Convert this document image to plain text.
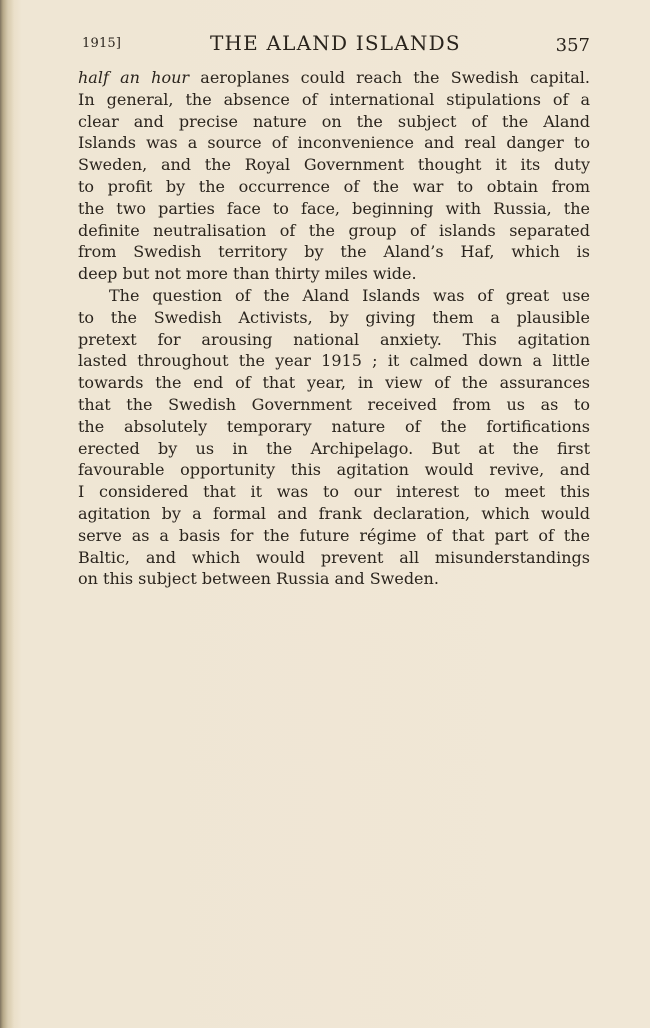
1915]	THE ALAND ISLANDS	357
half an hour aeroplanes could reach the Swedish capital.
In general, the absence of international stipulations of a
clear and precise nature on the subject of the Aland
Islands was a source of inconvenience and real danger to
Sweden, and the Royal Government thought it its duty
to profit by the occurrence of the war to obtain from
the two parties face to face, beginning with Russia, the
definite neutralisation of the group of islands separated
from Swedish territory by the Aland’s Haf, which is
deep but not more than thirty miles wide.
The question of the Aland Islands was of great use
to the Swedish Activists, by giving them a plausible
pretext for arousing national anxiety. This agitation
lasted throughout the year 1915 ; it calmed down a little
towards the end of that year, in view of the assurances
that the Swedish Government received from us as to
the absolutely temporary nature of the fortifications
erected by us in the Archipelago. But at the first
favourable opportunity this agitation would revive, and
I considered that it was to our interest to meet this
agitation by a formal and frank declaration, which would
serve as a basis for the future régime of that part of the
Baltic, and which would prevent all misunderstandings
on this subject between Russia and Sweden.
